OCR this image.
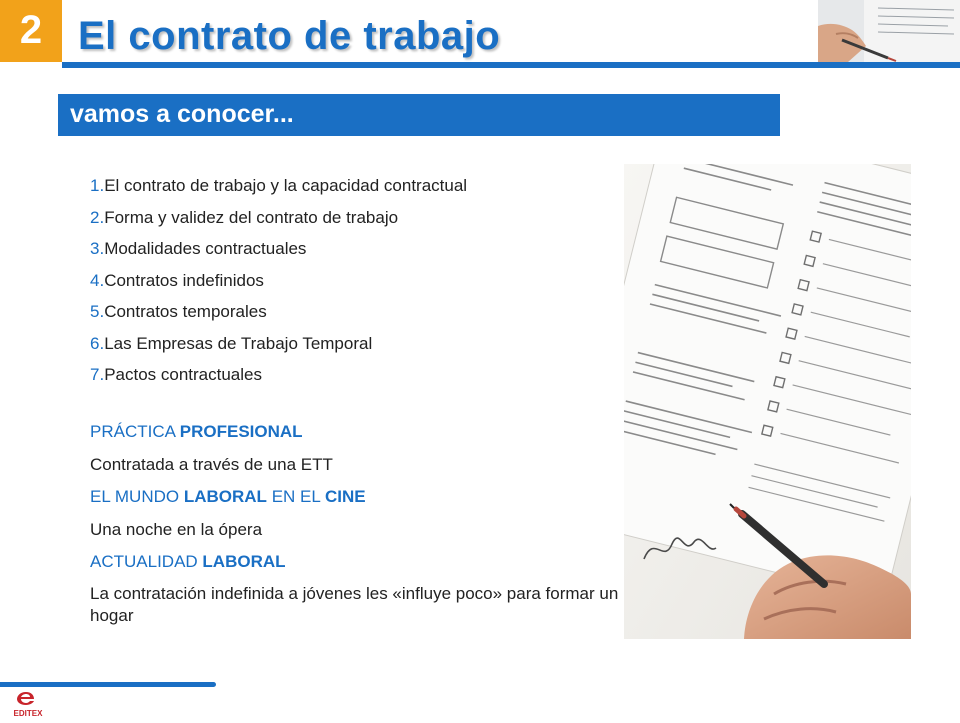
2 El contrato de trabajo
vamos a conocer...
1.El contrato de trabajo y la capacidad contractual
2.Forma y validez del contrato de trabajo
3.Modalidades contractuales
4.Contratos indefinidos
5.Contratos temporales
6.Las Empresas de Trabajo Temporal
7.Pactos contractuales
PRÁCTICA PROFESIONAL
Contratada a través de una ETT
EL MUNDO LABORAL EN EL CINE
Una noche en la ópera
ACTUALIDAD LABORAL
La contratación indefinida a jóvenes les «influye poco» para formar un hogar
EDITEX
